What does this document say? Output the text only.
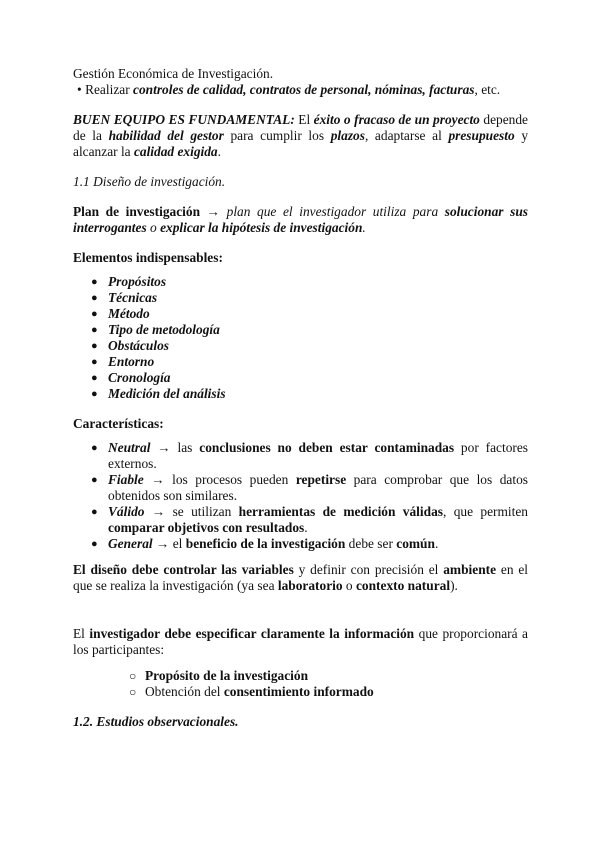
Gestión Económica de Investigación.

• Realizar controles de calidad, contratos de personal, nóminas, facturas, etc.

BUEN EQUIPO ES FUNDAMENTAL: El éxito o fracaso de un proyecto depende de la habilidad del gestor para cumplir los plazos, adaptarse al presupuesto y alcanzar la calidad exigida.

1.1 Diseño de investigación.

Plan de investigación → plan que el investigador utiliza para solucionar sus interrogantes o explicar la hipótesis de investigación.

Elementos indispensables:

● Propósitos
● Técnicas
● Método
● Tipo de metodología
● Obstáculos
● Entorno
● Cronología
● Medición del análisis

Características:

● Neutral → las conclusiones no deben estar contaminadas por factores externos.
● Fiable → los procesos pueden repetirse para comprobar que los datos obtenidos son similares.
● Válido → se utilizan herramientas de medición válidas, que permiten comparar objetivos con resultados.
● General → el beneficio de la investigación debe ser común.

El diseño debe controlar las variables y definir con precisión el ambiente en el que se realiza la investigación (ya sea laboratorio o contexto natural).

El investigador debe especificar claramente la información que proporcionará a los participantes:

○ Propósito de la investigación
○ Obtención del consentimiento informado

1.2. Estudios observacionales.
